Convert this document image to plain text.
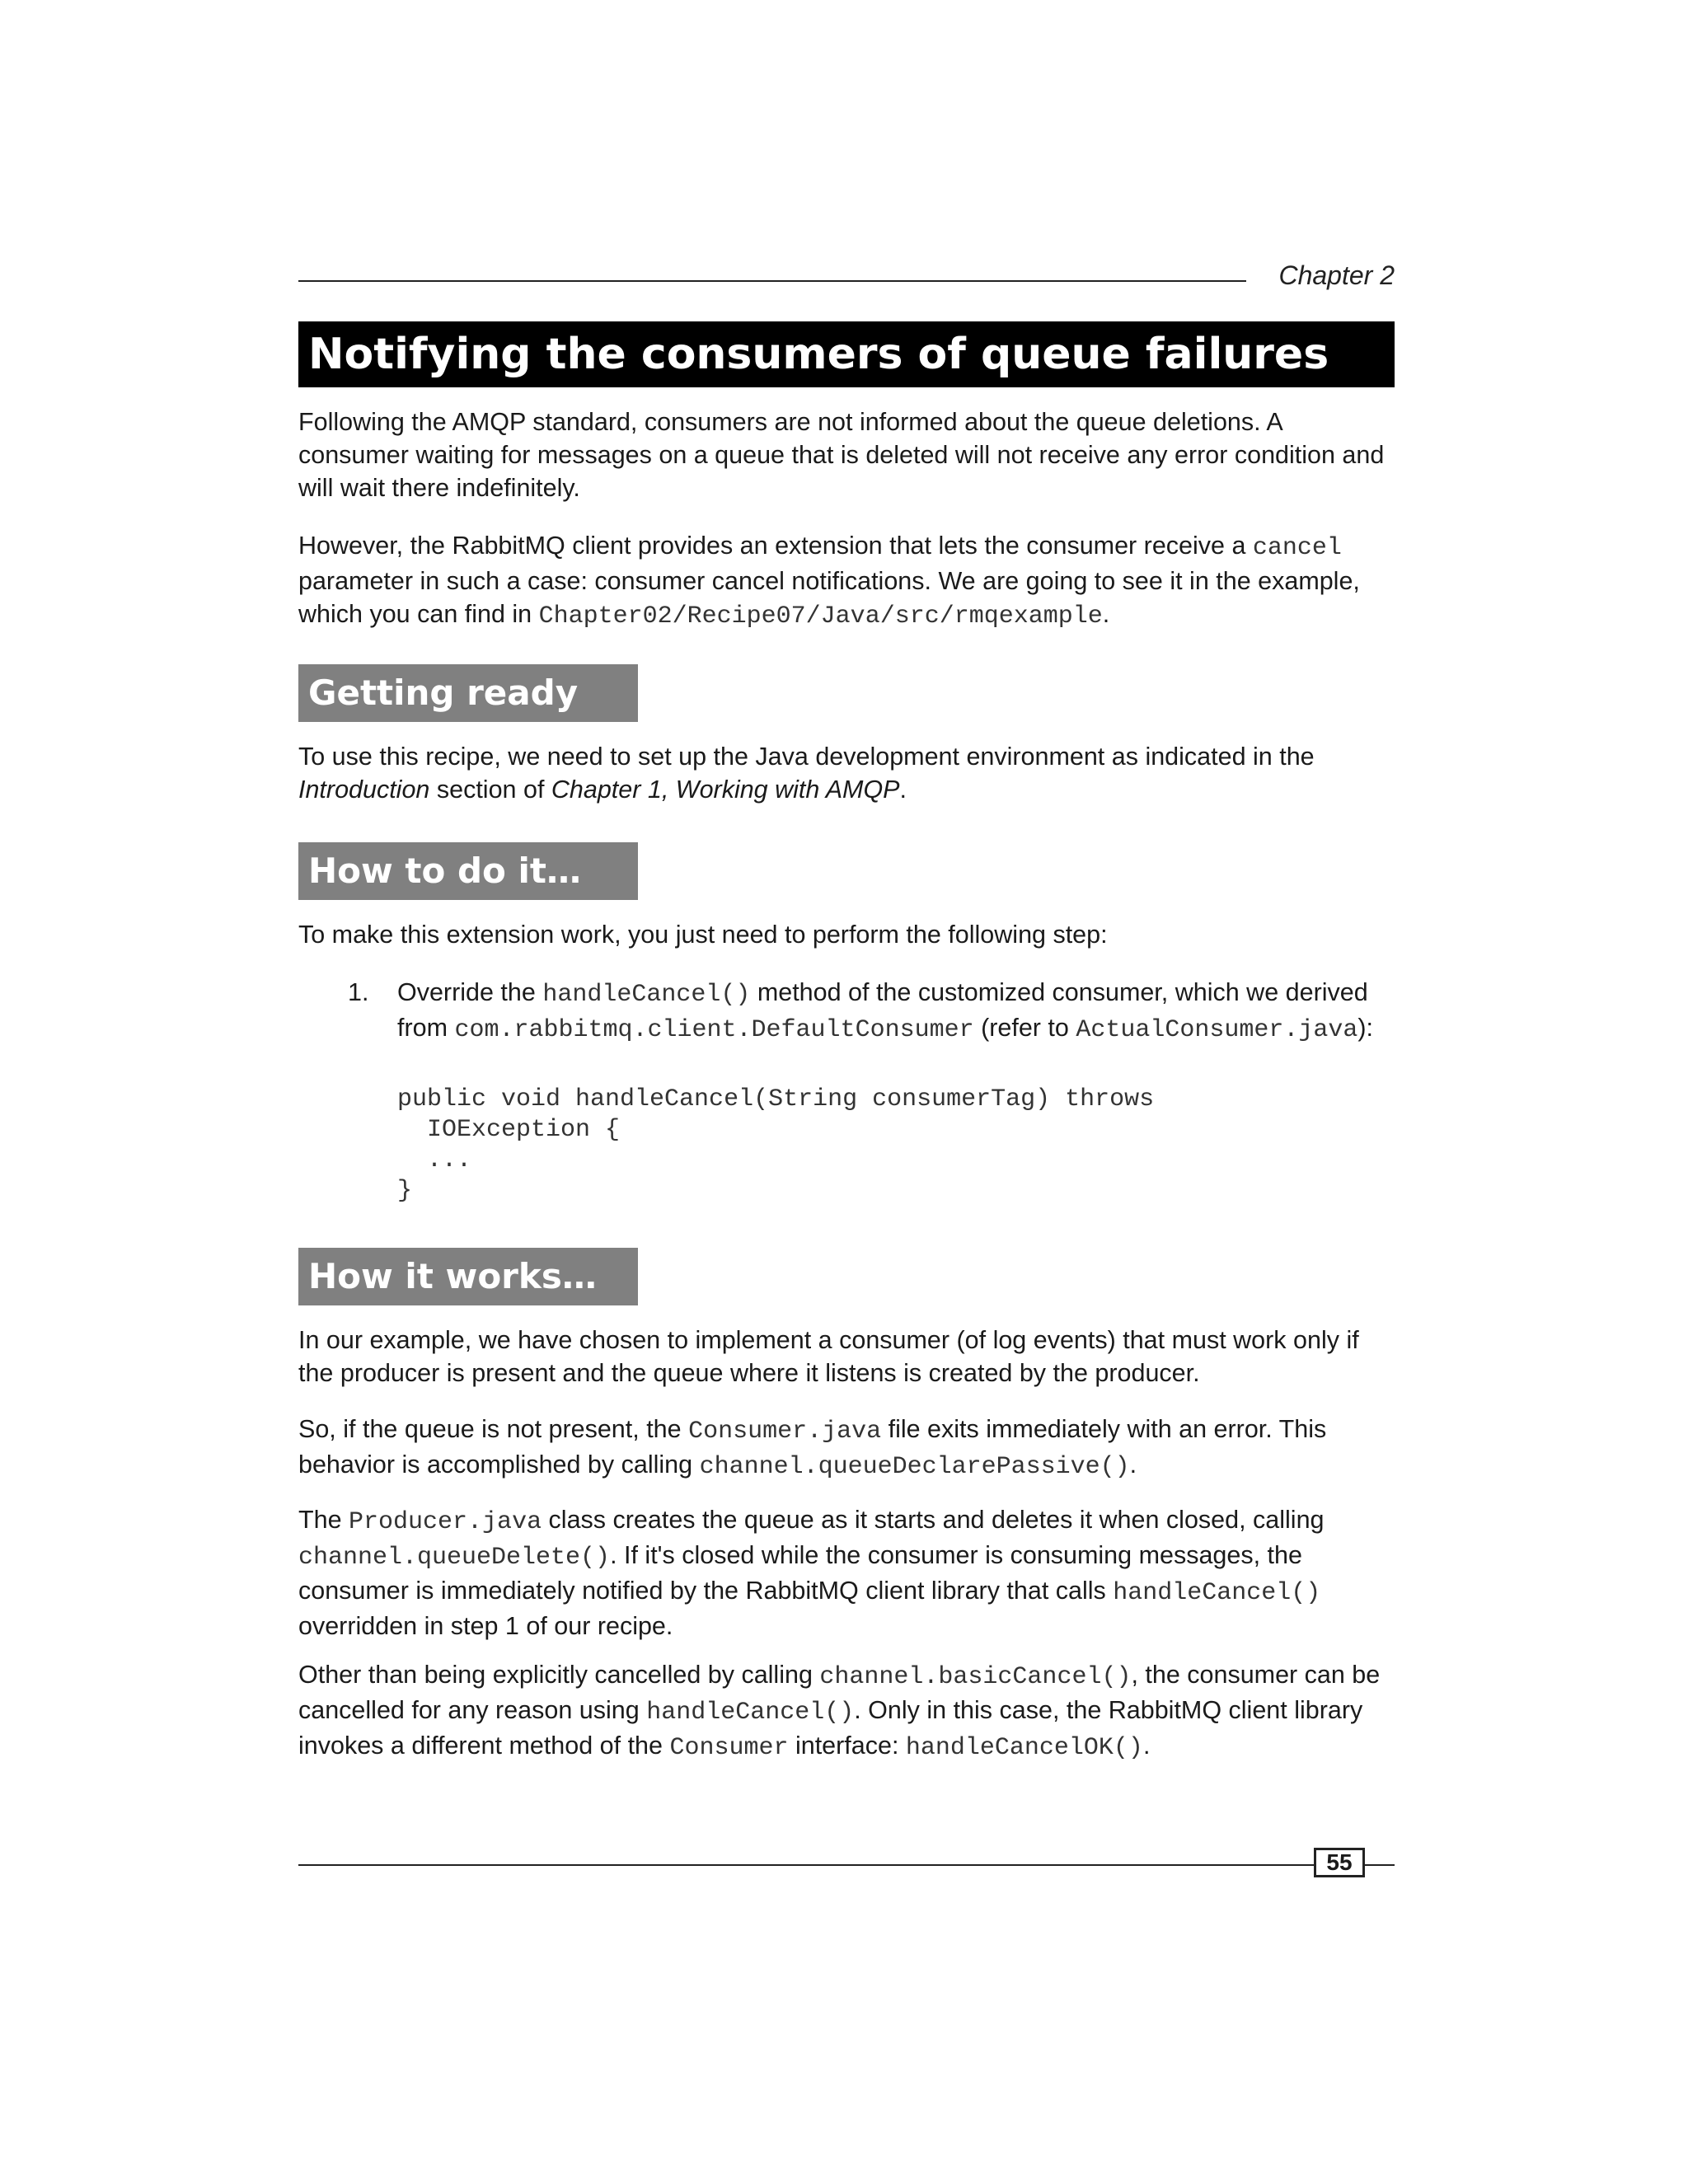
Chapter 2
Notifying the consumers of queue failures

Following the AMQP standard, consumers are not informed about the queue deletions. A consumer waiting for messages on a queue that is deleted will not receive any error condition and will wait there indefinitely.

However, the RabbitMQ client provides an extension that lets the consumer receive a cancel parameter in such a case: consumer cancel notifications. We are going to see it in the example, which you can find in Chapter02/Recipe07/Java/src/rmqexample.

Getting ready

To use this recipe, we need to set up the Java development environment as indicated in the Introduction section of Chapter 1, Working with AMQP.

How to do it…

To make this extension work, you just need to perform the following step:

1. Override the handleCancel() method of the customized consumer, which we derived from com.rabbitmq.client.DefaultConsumer (refer to ActualConsumer.java):

public void handleCancel(String consumerTag) throws
IOException {
...
}
How it works…

In our example, we have chosen to implement a consumer (of log events) that must work only if the producer is present and the queue where it listens is created by the producer.

So, if the queue is not present, the Consumer.java file exits immediately with an error. This behavior is accomplished by calling channel.queueDeclarePassive().

The Producer.java class creates the queue as it starts and deletes it when closed, calling channel.queueDelete(). If it's closed while the consumer is consuming messages, the consumer is immediately notified by the RabbitMQ client library that calls handleCancel() overridden in step 1 of our recipe.

Other than being explicitly cancelled by calling channel.basicCancel(), the consumer can be cancelled for any reason using handleCancel(). Only in this case, the RabbitMQ client library invokes a different method of the Consumer interface: handleCancelOK().

55
